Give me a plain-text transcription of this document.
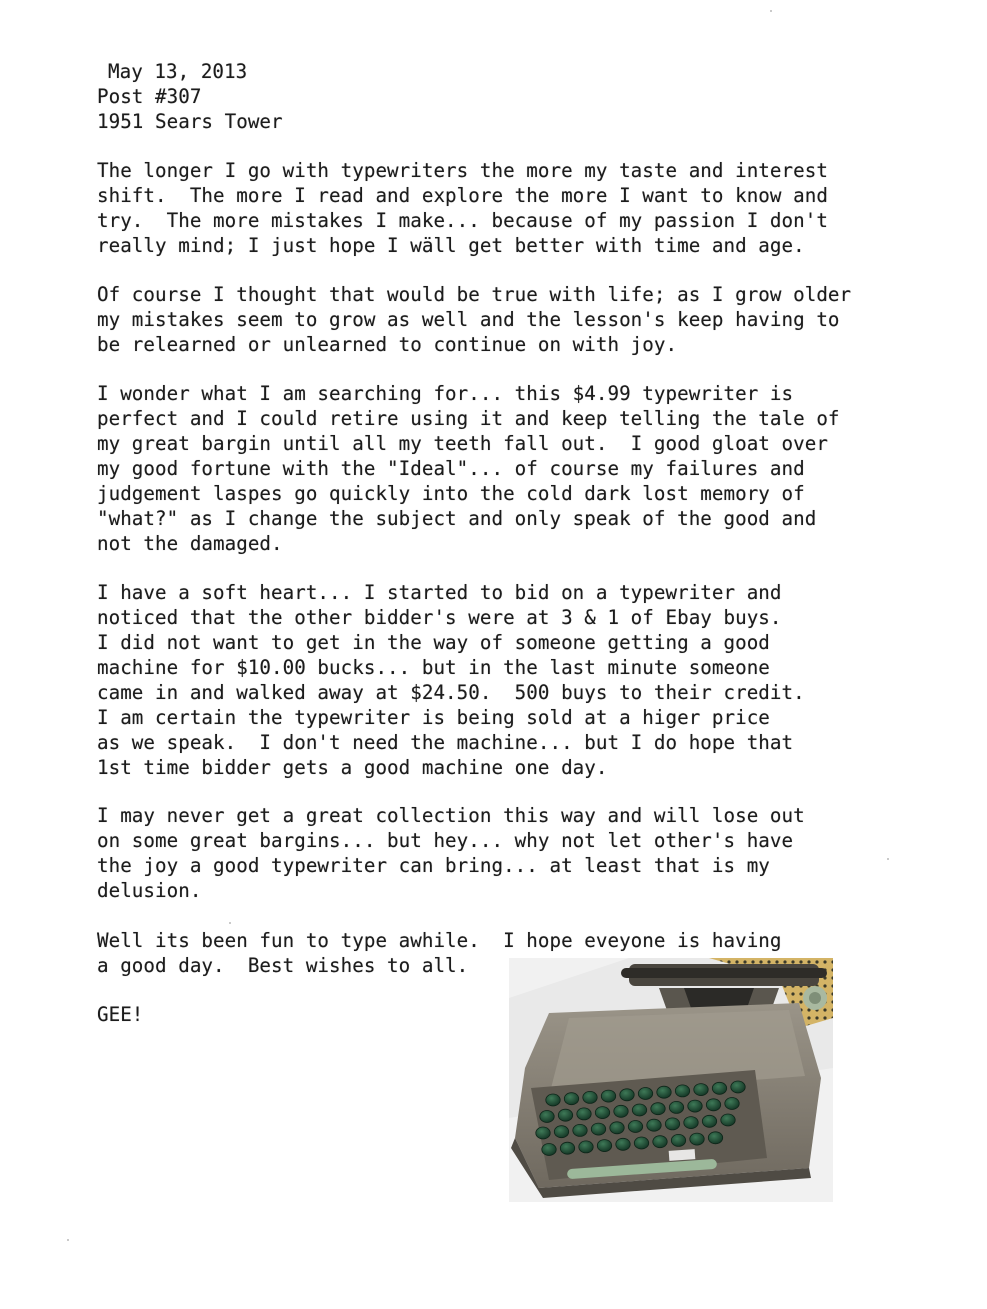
May 13, 2013
Post #307
1951 Sears Tower
The longer I go with typewriters the more my taste and interest
shift.  The more I read and explore the more I want to know and
try.  The more mistakes I make... because of my passion I don't
really mind; I just hope I wäll get better with time and age.
Of course I thought that would be true with life; as I grow older
my mistakes seem to grow as well and the lesson's keep having to
be relearned or unlearned to continue on with joy.
I wonder what I am searching for... this $4.99 typewriter is
perfect and I could retire using it and keep telling the tale of
my great bargin until all my teeth fall out.  I good gloat over
my good fortune with the "Ideal"... of course my failures and
judgement laspes go quickly into the cold dark lost memory of
"what?" as I change the subject and only speak of the good and
not the damaged.
I have a soft heart... I started to bid on a typewriter and
noticed that the other bidder's were at 3 & 1 of Ebay buys.
I did not want to get in the way of someone getting a good
machine for $10.00 bucks... but in the last minute someone
came in and walked away at $24.50.  500 buys to their credit.
I am certain the typewriter is being sold at a higer price
as we speak.  I don't need the machine... but I do hope that
1st time bidder gets a good machine one day.
I may never get a great collection this way and will lose out
on some great bargins... but hey... why not let other's have
the joy a good typewriter can bring... at least that is my
delusion.
Well its been fun to type awhile.  I hope eveyone is having
a good day.  Best wishes to all.
GEE!
